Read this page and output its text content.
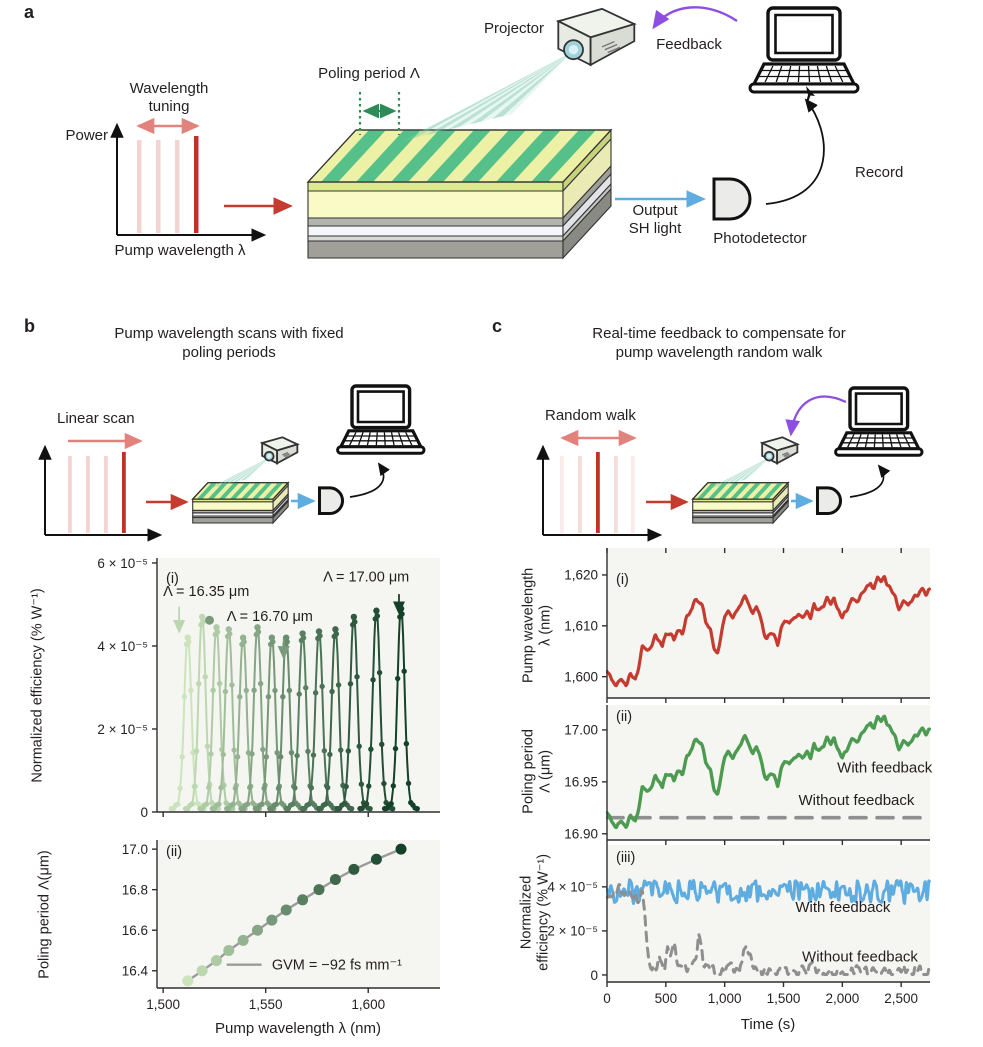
Λ = 16.35 μm
Λ = 16.70 μm
Λ = 17.00 μm
0
2 × 10⁻⁵
4 × 10⁻⁵
6 × 10⁻⁵
(i)
GVM = −92 fs mm⁻¹
16.4
16.6
16.8
17.0
1,500	1,550	1,600
(ii)
1,600
1,610
1,620 (i)
With feedback
Without feedback
16.90
16.95
17.00
(ii)
With feedback
Without feedback
0
2 × 10⁻⁵
4 × 10⁻⁵
0	500 1,000 1,500 2,000 2,500
(iii)
a
b	c
Wavelength
tuning
Power
Pump wavelength λ
Poling period Λ
Projector
Feedback
Record
Output
SH light
Photodetector
Pump wavelength scans with fixed
poling periods
Linear scan
Real-time feedback to compensate for
pump wavelength random walk
Random walk
Normalized efficiency (% W⁻¹)
Poling period Λ(μm)
Pump wavelength λ (nm)
Pump wavelength λ (nm)
Poling period Λ (μm)
Normalized efficiency (% W⁻¹)
Time (s)
